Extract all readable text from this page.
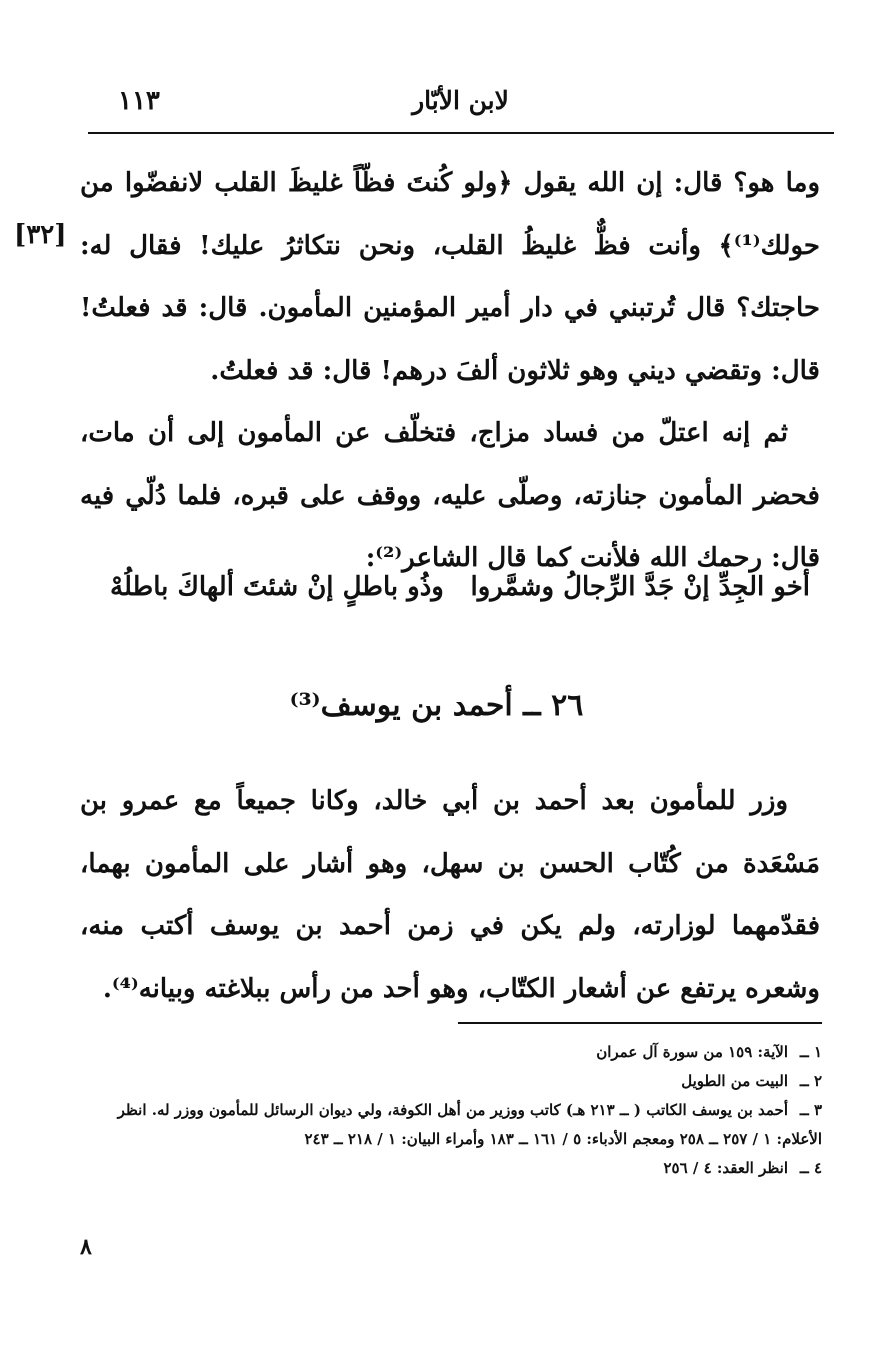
١١٣	لابن الأبّار
[٣٢]

وما هو؟ قال: إن الله يقول ﴿ولو كُنتَ فظّاً غليظَ القلب لانفضّوا من حولك⁽¹⁾﴾ وأنت فظٌّ غليظُ القلب، ونحن نتكاثرُ عليك! فقال له: حاجتك؟ قال تُرتبني في دار أمير المؤمنين المأمون. قال: قد فعلتُ! قال: وتقضي ديني وهو ثلاثون ألفَ درهم! قال: قد فعلتُ.

ثم إنه اعتلّ من فساد مزاج، فتخلّف عن المأمون إلى أن مات، فحضر المأمون جنازته، وصلّى عليه، ووقف على قبره، فلما دُلّي فيه قال: رحمك الله فلأنت كما قال الشاعر⁽²⁾:

أخو الجِدِّ إنْ جَدَّ الرِّجالُ وشمَّروا
وذُو باطلٍ إنْ شئتَ ألهاكَ باطلُهْ
٢٦ ــ أحمد بن يوسف⁽³⁾

وزر للمأمون بعد أحمد بن أبي خالد، وكانا جميعاً مع عمرو بن مَسْعَدة من كُتّاب الحسن بن سهل، وهو أشار على المأمون بهما، فقدّمهما لوزارته، ولم يكن في زمن أحمد بن يوسف أكتب منه، وشعره يرتفع عن أشعار الكتّاب، وهو أحد من رأس ببلاغته وبيانه⁽⁴⁾.

١ ــالآية: ١٥٩ من سورة آل عمران

٢ ــالبيت من الطويل

٣ ــأحمد بن يوسف الكاتب ( ــ ٢١٣ هـ) كاتب ووزير من أهل الكوفة، ولي ديوان الرسائل للمأمون ووزر له. انظر الأعلام: ١ / ٢٥٧ ــ ٢٥٨ ومعجم الأدباء: ٥ / ١٦١ ــ ١٨٣ وأمراء البيان: ١ / ٢١٨ ــ ٢٤٣

٤ ــانظر العقد: ٤ / ٢٥٦

٨
